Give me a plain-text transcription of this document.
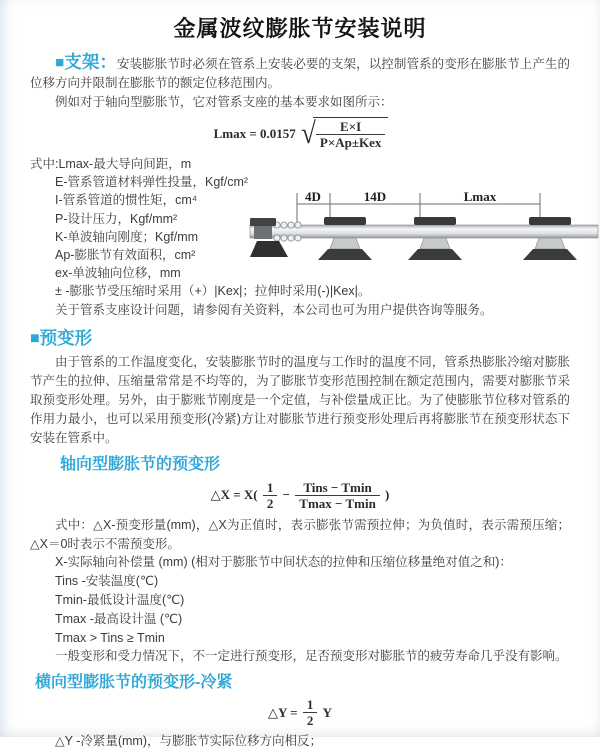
金属波纹膨胀节安装说明

■支架：安装膨胀节时必须在管系上安装必要的支架，以控制管系的变形在膨胀节上产生的位移方向并限制在膨胀节的额定位移范围内。

例如对于轴向型膨胀节，它对管系支座的基本要求如图所示：

Lmax = 0.0157 √ $\frac{E\times I}{\text{P×Ap±Kex}}$

式中:Lmax-最大导向间距，m

E-管系管道材料弹性投量，Kgf/cm²

I-管系管道的惯性矩，cm⁴

P-设计压力，Kgf/mm²

K-单波轴向刚度；Kgf/mm

Ap-膨胀节有效面积，cm²

ex-单波轴向位移，mm

± -膨胀节受压缩时采用（+）|Kex|；拉伸时采用(-)|Kex|。

关于管系支座设计问题，请参阅有关资料，本公司也可为用户提供咨询等服务。

4D	14D	Lmax
■预变形

由于管系的工作温度变化，安装膨胀节时的温度与工作时的温度不同，管系热膨胀冷缩对膨胀节产生的拉伸、压缩量常常是不均等的，为了膨胀节变形范围控制在额定范围内，需要对膨胀节采取预变形处理。另外，由于膨账节刚度是一个定值，与补偿量成正比。为了使膨胀节位移对管系的作用力最小，也可以采用预变形(冷紧)方让对膨胀节进行预变形处理后再将膨胀节在预变形状态下安装在管系中。

轴向型膨胀节的预变形
△X = $X( \frac{1}{2} - \frac{\text{Tins − Tmin}}{Tmax - Tmin}$ )

式中：△X-预变形量(mm)，△X为正值时，表示膨张节需预拉伸；为负值时，表示需预压缩；△X＝0时表示不需预变形。

X-实际轴向补偿量 (mm) (相对于膨胀节中间状态的拉伸和压缩位移量绝对值之和)：

Tins -安装温度(℃)

Tmin-最低设计温度(℃)

Tmax -最高设计温 (℃)

Tmax > Tins ≥ Tmin

一般变形和受力情况下，不一定进行预变形，足否预变形对膨胀节的疲劳寿命几乎没有影响。

横向型膨胀节的预变形-冷紧
△Y = $\frac{1}{2}$ Y

△Y -冷紧量(mm)，与膨胀节实际位移方向相反；
